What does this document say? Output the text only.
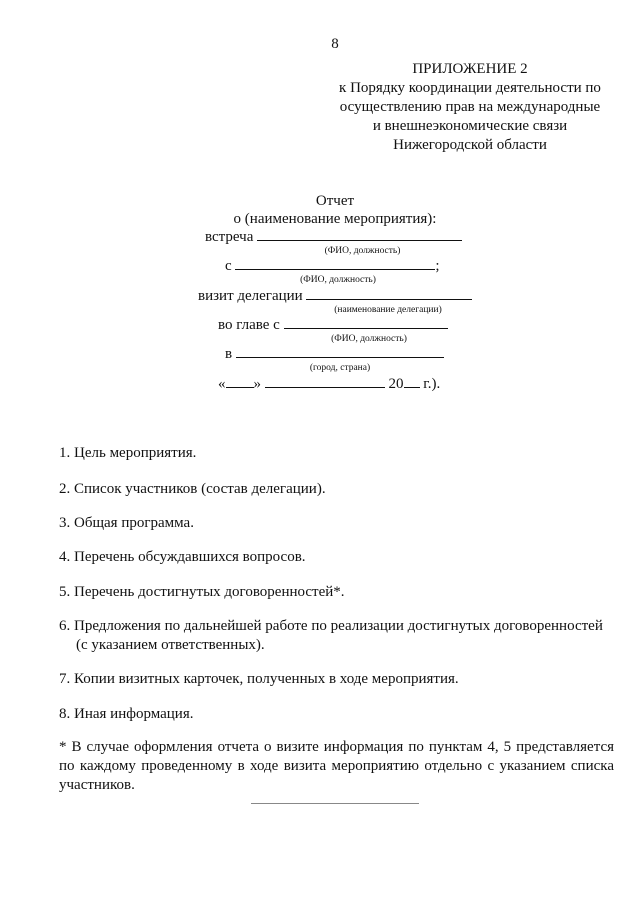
8
ПРИЛОЖЕНИЕ 2
к Порядку координации деятельности по
осуществлению прав на международные
и внешнеэкономические связи
Нижегородской области
Отчет
о (наименование мероприятия):
встреча
(ФИО, должность)
с	;
(ФИО, должность)
визит делегации
(наименование делегации)
во главе с
(ФИО, должность)
в
(город, страна)
« »	20 г.).
1. Цель мероприятия.
2. Список участников (состав делегации).
3. Общая программа.
4. Перечень обсуждавшихся вопросов.
5. Перечень достигнутых договоренностей*.
6. Предложения по дальнейшей работе по реализации достигнутых договоренностей
(с указанием ответственных).
7. Копии визитных карточек, полученных в ходе мероприятия.
8. Иная информация.
* В случае оформления отчета о визите информация по пунктам 4, 5 представляется по каждому проведенному в ходе визита мероприятию отдельно с указанием списка участников.
